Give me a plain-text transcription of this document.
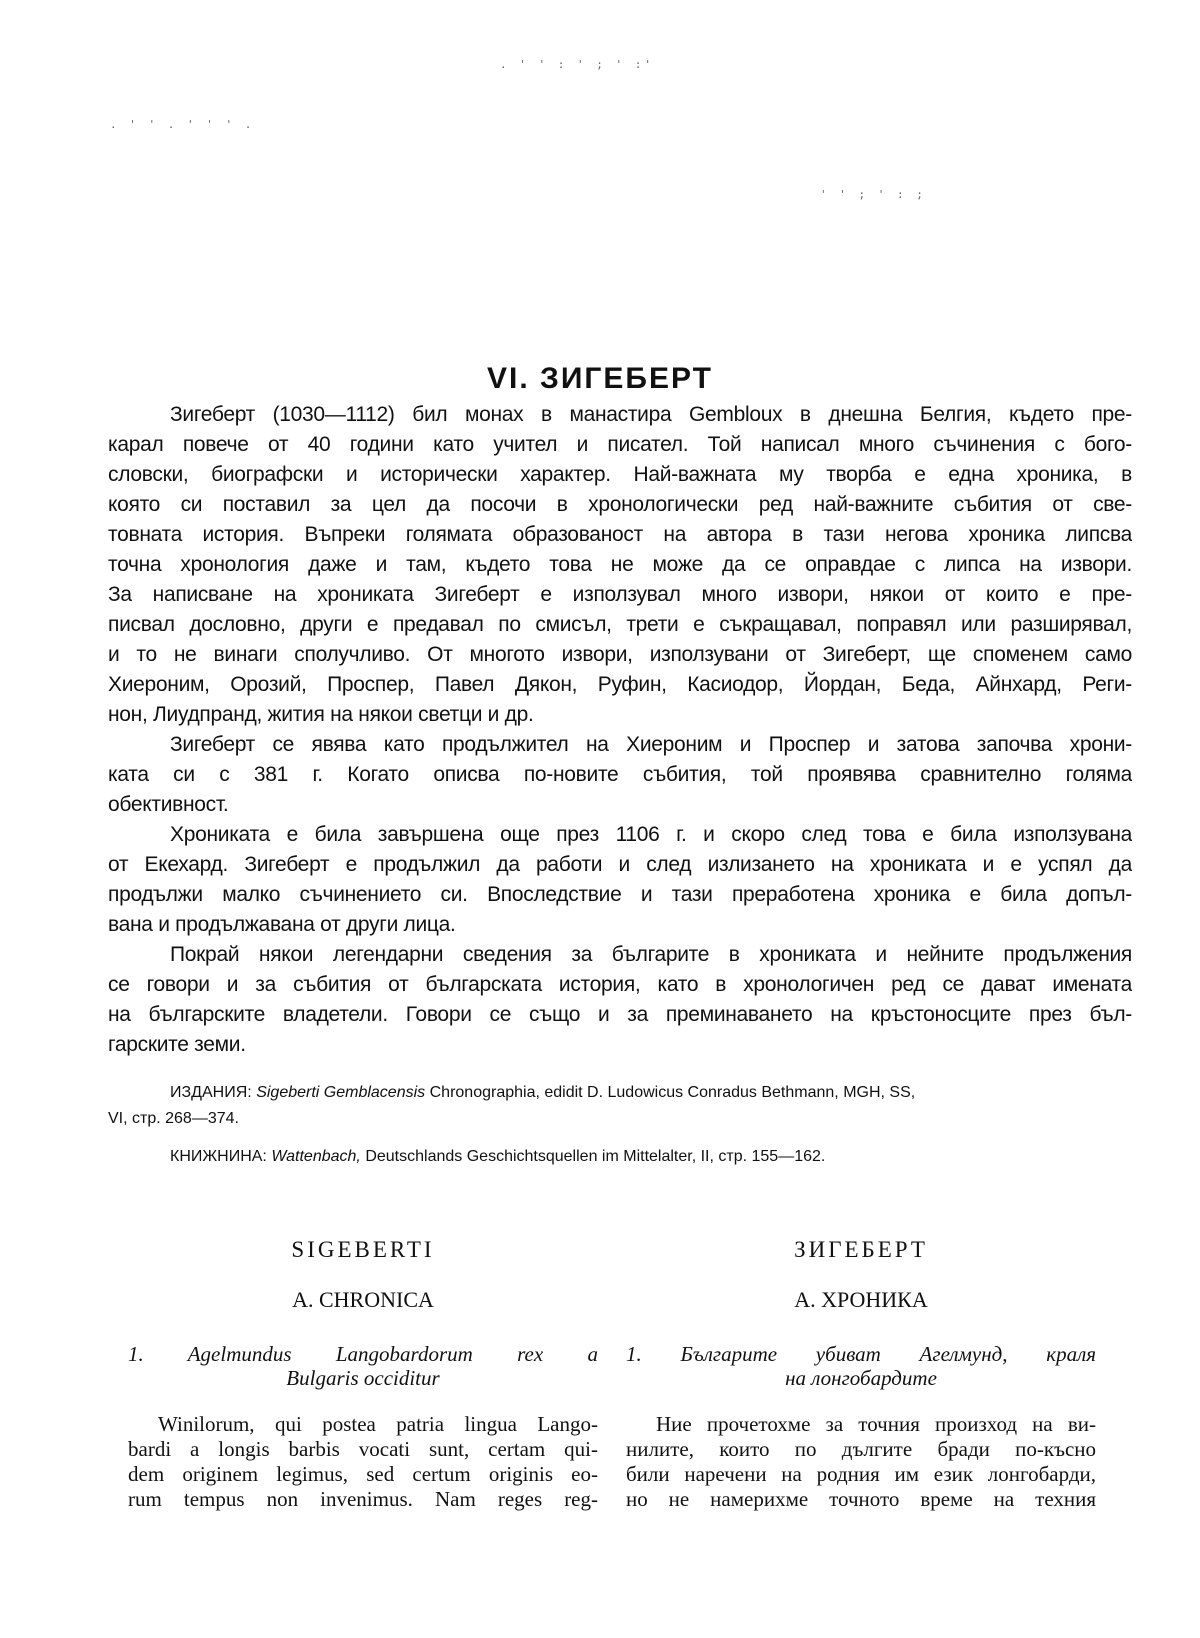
. ' ' : ' ; ' :'
. ' ' . ' ' ' .
' ' ; ' : ;
VI. ЗИГЕБЕРТ
Зигеберт (1030—1112) бил монах в манастира Gembloux в днешна Белгия, където пре-
карал повече от 40 години като учител и писател. Той написал много съчинения с бого-
словски, биографски и исторически характер. Най-важната му творба е една хроника, в
която си поставил за цел да посочи в хронологически ред най-важните събития от све-
товната история. Въпреки голямата образованост на автора в тази негова хроника липсва
точна хронология даже и там, където това не може да се оправдае с липса на извори.
За написване на хрониката Зигеберт е използувал много извори, някои от които е пре-
писвал дословно, други е предавал по смисъл, трети е съкращавал, поправял или разширявал,
и то не винаги сполучливо. От многото извори, използувани от Зигеберт, ще споменем само
Хиероним, Орозий, Проспер, Павел Дякон, Руфин, Касиодор, Йордан, Беда, Айнхард, Реги-
нон, Лиудпранд, жития на някои светци и др.
Зигеберт се явява като продължител на Хиероним и Проспер и затова започва хрони-
ката си с 381 г. Когато описва по-новите събития, той проявява сравнително голяма
обективност.
Хрониката е била завършена още през 1106 г. и скоро след това е била използувана
от Екехард. Зигеберт е продължил да работи и след излизането на хрониката и е успял да
продължи малко съчинението си. Впоследствие и тази преработена хроника е била допъл-
вана и продължавана от други лица.
Покрай някои легендарни сведения за българите в хрониката и нейните продължения
се говори и за събития от българската история, като в хронологичен ред се дават имената
на българските владетели. Говори се също и за преминаването на кръстоносците през бъл-
гарските земи.
ИЗДАНИЯ: Sigeberti Gemblacensis Chronographia, edidit D. Ludowicus Conradus Bethmann, MGH, SS,
VI, стр. 268—374.
КНИЖНИНА: Wattenbach, Deutschlands Geschichtsquellen im Mittelalter, II, стр. 155—162.
SIGEBERTI
A. CHRONICA
1. Agelmundus Langobardorum rex a
Bulgaris occiditur
Winilorum, qui postea patria lingua Lango-
bardi a longis barbis vocati sunt, certam qui-
dem originem legimus, sed certum originis eo-
rum tempus non invenimus. Nam reges reg-
ЗИГЕБЕРТ
А. ХРОНИКА
1. Българите убиват Агелмунд, краля
на лонгобардите
Ние прочетохме за точния произход на ви-
нилите, които по дългите бради по-късно
били наречени на родния им език лонгобарди,
но не намерихме точното време на техния
